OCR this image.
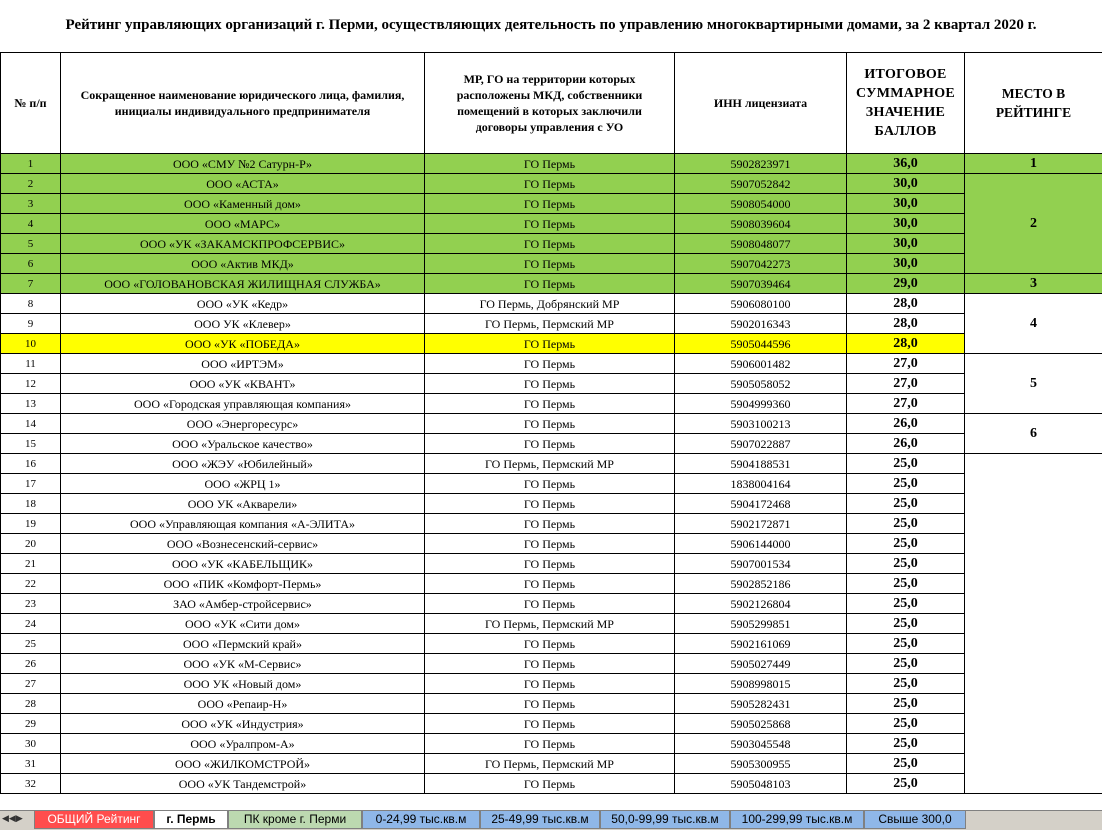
Рейтинг управляющих организаций г. Перми, осуществляющих деятельность по управлению многоквартирными домами, за 2 квартал 2020 г.
№ п/п	Сокращенное наименование юридического лица, фамилия, инициалы индивидуального предпринимателя	МР, ГО на территории которых расположены МКД, собственники помещений в которых заключили договоры управления с УО	ИНН лицензиата	ИТОГОВОЕ СУММАРНОЕ ЗНАЧЕНИЕ БАЛЛОВ	МЕСТО В РЕЙТИНГЕ
1	ООО «СМУ №2 Сатурн-Р»	ГО Пермь	5902823971	36,0	1
2	ООО «АСТА»	ГО Пермь	5907052842	30,0	2
3	ООО «Каменный дом»	ГО Пермь	5908054000	30,0	
4	ООО «МАРС»	ГО Пермь	5908039604	30,0	
5	ООО «УК «ЗАКАМСКПРОФСЕРВИС»	ГО Пермь	5908048077	30,0	
6	ООО «Актив МКД»	ГО Пермь	5907042273	30,0	
7	ООО «ГОЛОВАНОВСКАЯ ЖИЛИЩНАЯ СЛУЖБА»	ГО Пермь	5907039464	29,0	3
8	ООО «УК «Кедр»	ГО Пермь, Добрянский МР	5906080100	28,0	4
9	ООО УК «Клевер»	ГО Пермь, Пермский МР	5902016343	28,0	
10	ООО «УК «ПОБЕДА»	ГО Пермь	5905044596	28,0	
11	ООО «ИРТЭМ»	ГО Пермь	5906001482	27,0	5
12	ООО «УК «КВАНТ»	ГО Пермь	5905058052	27,0	
13	ООО «Городская управляющая компания»	ГО Пермь	5904999360	27,0	
14	ООО «Энергоресурс»	ГО Пермь	5903100213	26,0	6
15	ООО «Уральское качество»	ГО Пермь	5907022887	26,0	
16	ООО «ЖЭУ «Юбилейный»	ГО Пермь, Пермский МР	5904188531	25,0	
17	ООО «ЖРЦ 1»	ГО Пермь	1838004164	25,0	
18	ООО УК «Акварели»	ГО Пермь	5904172468	25,0	
19	ООО «Управляющая компания «А-ЭЛИТА»	ГО Пермь	5902172871	25,0	
20	ООО «Вознесенский-сервис»	ГО Пермь	5906144000	25,0	
21	ООО «УК «КАБЕЛЬЩИК»	ГО Пермь	5907001534	25,0	
22	ООО «ПИК «Комфорт-Пермь»	ГО Пермь	5902852186	25,0	
23	ЗАО «Амбер-стройсервис»	ГО Пермь	5902126804	25,0	
24	ООО «УК «Сити дом»	ГО Пермь, Пермский МР	5905299851	25,0	
25	ООО «Пермский край»	ГО Пермь	5902161069	25,0	
26	ООО «УК «М-Сервис»	ГО Пермь	5905027449	25,0	
27	ООО УК «Новый дом»	ГО Пермь	5908998015	25,0	
28	ООО «Репаир-Н»	ГО Пермь	5905282431	25,0	
29	ООО «УК «Индустрия»	ГО Пермь	5905025868	25,0	
30	ООО «Уралпром-А»	ГО Пермь	5903045548	25,0	
31	ООО «ЖИЛКОМСТРОЙ»	ГО Пермь, Пермский МР	5905300955	25,0	
32	ООО «УК Тандемстрой»	ГО Пермь	5905048103	25,0	
◀◀▶	ОБЩИЙ Рейтинг	г. Пермь	ПК кроме г. Перми	0-24,99 тыс.кв.м	25-49,99 тыс.кв.м	50,0-99,99 тыс.кв.м	100-299,99 тыс.кв.м	Свыше 300,0
